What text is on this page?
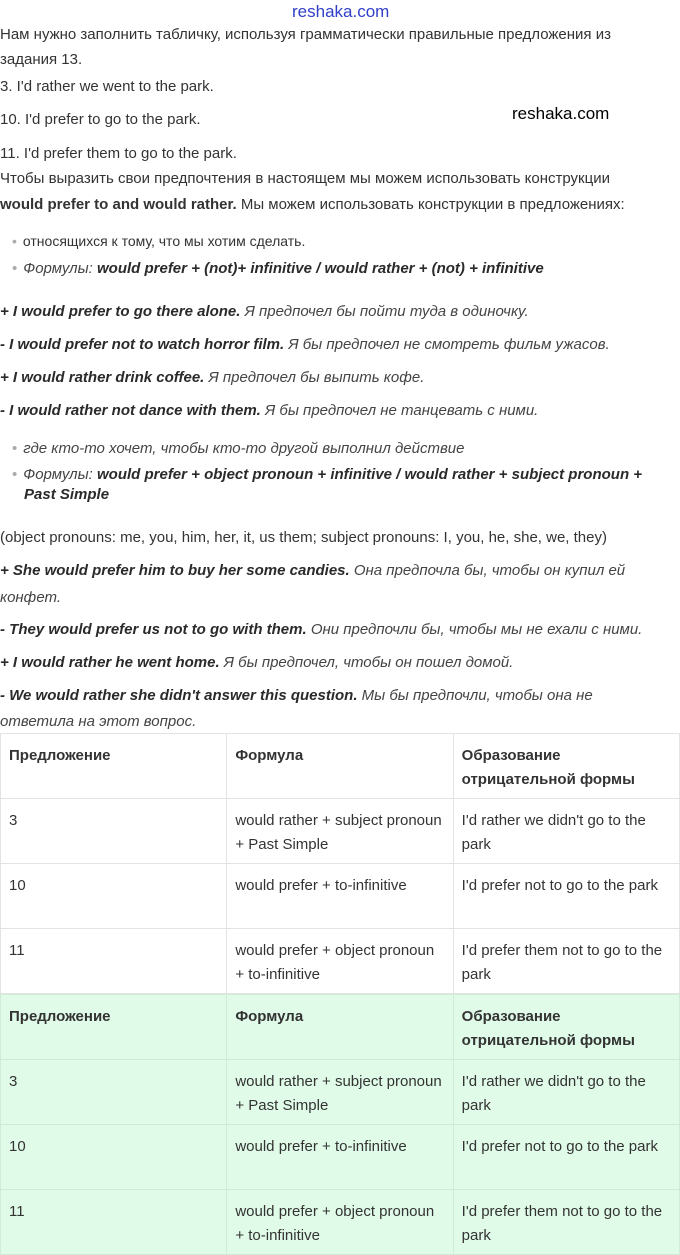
reshaka.com
Нам нужно заполнить табличку, используя грамматически правильные предложения из
задания 13.
3. I'd rather we went to the park.
10. I'd prefer to go to the park.	reshaka.com
11. I'd prefer them to go to the park.
Чтобы выразить свои предпочтения в настоящем мы можем использовать конструкции
would prefer to and would rather. Мы можем использовать конструкции в предложениях:
• относящихся к тому, что мы хотим сделать.
• Формулы: would prefer + (not)+ infinitive / would rather + (not) + infinitive
+ I would prefer to go there alone. Я предпочел бы пойти туда в одиночку.
- I would prefer not to watch horror film. Я бы предпочел не смотреть фильм ужасов.
+ I would rather drink coffee. Я предпочел бы выпить кофе.
- I would rather not dance with them. Я бы предпочел не танцевать с ними.
• где кто-то хочет, чтобы кто-то другой выполнил действие
• Формулы: would prefer + object pronoun + infinitive / would rather + subject pronoun +
Past Simple
(object pronouns: me, you, him, her, it, us them; subject pronouns: I, you, he, she, we, they)
+ She would prefer him to buy her some candies. Она предпочла бы, чтобы он купил ей
конфет.
- They would prefer us not to go with them. Они предпочли бы, чтобы мы не ехали с ними.
+ I would rather he went home. Я бы предпочел, чтобы он пошел домой.
- We would rather she didn't answer this question. Мы бы предпочли, чтобы она не
ответила на этот вопрос.
Предложение	Формула	Образование отрицательной формы
3	would rather + subject pronoun + Past Simple	I'd rather we didn't go to the park
10	would prefer + to-infinitive	I'd prefer not to go to the park
11	would prefer + object pronoun + to-infinitive	I'd prefer them not to go to the park
Предложение	Формула	Образование отрицательной формы
3	would rather + subject pronoun + Past Simple	I'd rather we didn't go to the park
10	would prefer + to-infinitive	I'd prefer not to go to the park
11	would prefer + object pronoun + to-infinitive	I'd prefer them not to go to the park
